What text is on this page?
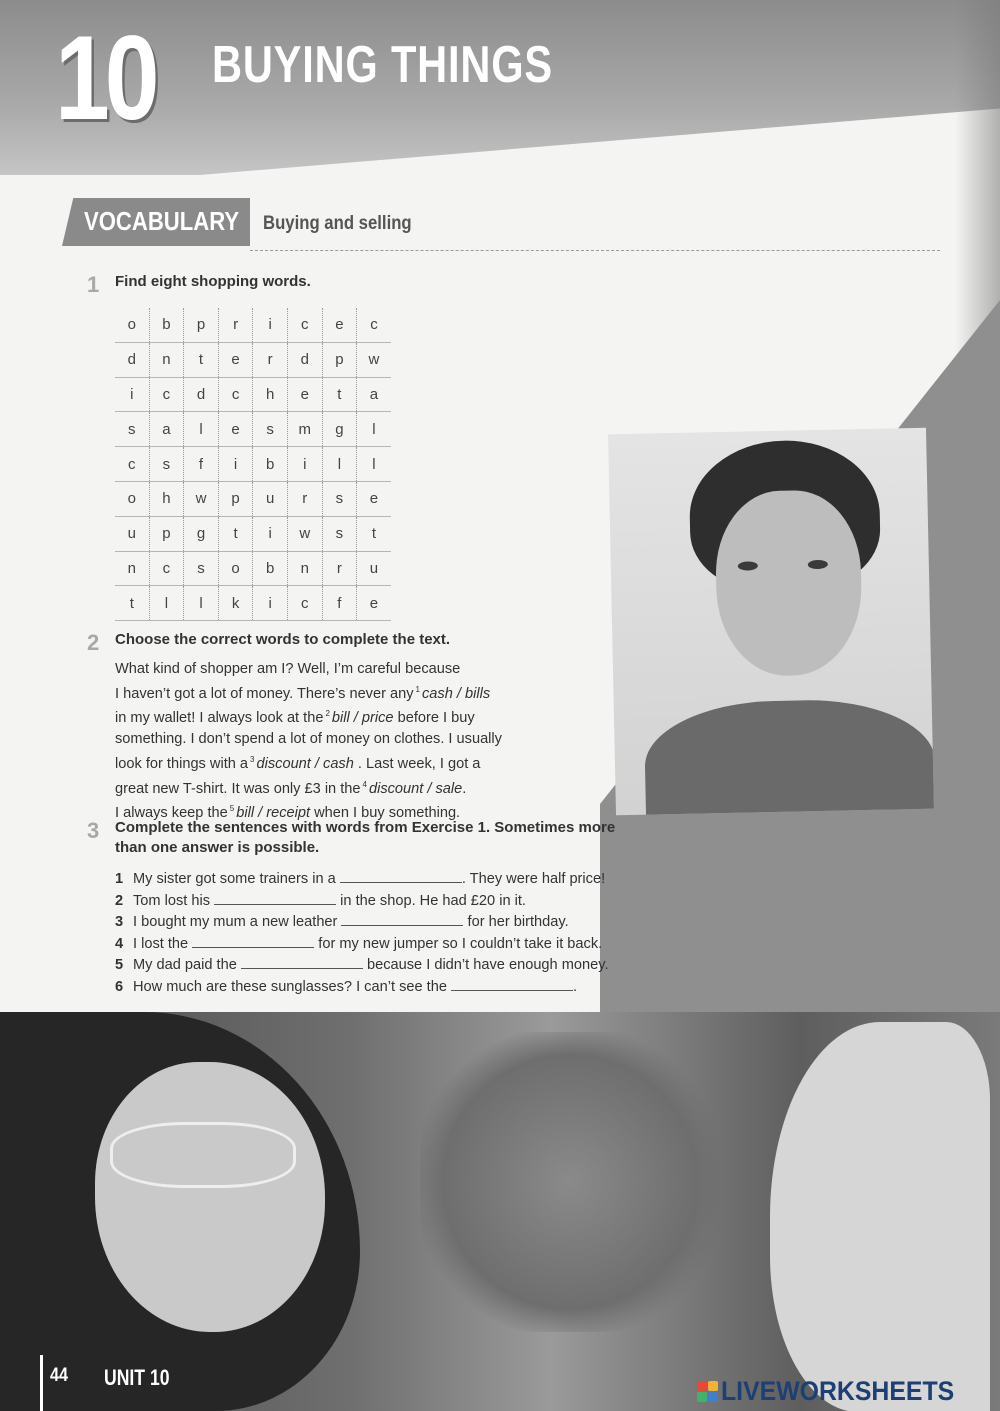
10 BUYING THINGS
VOCABULARY Buying and selling
1 Find eight shopping words.
o	b	p	r	i	c	e	c
d	n	t	e	r	d	p	w
i	c	d	c	h	e	t	a
s	a	l	e	s	m	g	l
c	s	f	i	b	i	l	l
o	h	w	p	u	r	s	e
u	p	g	t	i	w	s	t
n	c	s	o	b	n	r	u
t	l	l	k	i	c	f	e
2 Choose the correct words to complete the text.
What kind of shopper am I? Well, I’m careful because
I haven’t got a lot of money. There’s never any $^1$ cash / bills
in my wallet! I always look at the $^2$ bill / price before I buy
something. I don’t spend a lot of money on clothes. I usually
look for things with a $^3$ discount / cash . Last week, I got a
great new T-shirt. It was only £3 in the $^4$ discount / sale.
I always keep the $^5$ bill / receipt when I buy something.
3 Complete the sentences with words from Exercise 1. Sometimes more than one answer is possible.
1 My sister got some trainers in a	. They were half price!
2 Tom lost his	in the shop. He had £20 in it.
3 I bought my mum a new leather	for her birthday.
4 I lost the	for my new jumper so I couldn’t take it back.
5 My dad paid the	because I didn’t have enough money.
6 How much are these sunglasses? I can’t see the	.
44 UNIT 10	LIVEWORKSHEETS
